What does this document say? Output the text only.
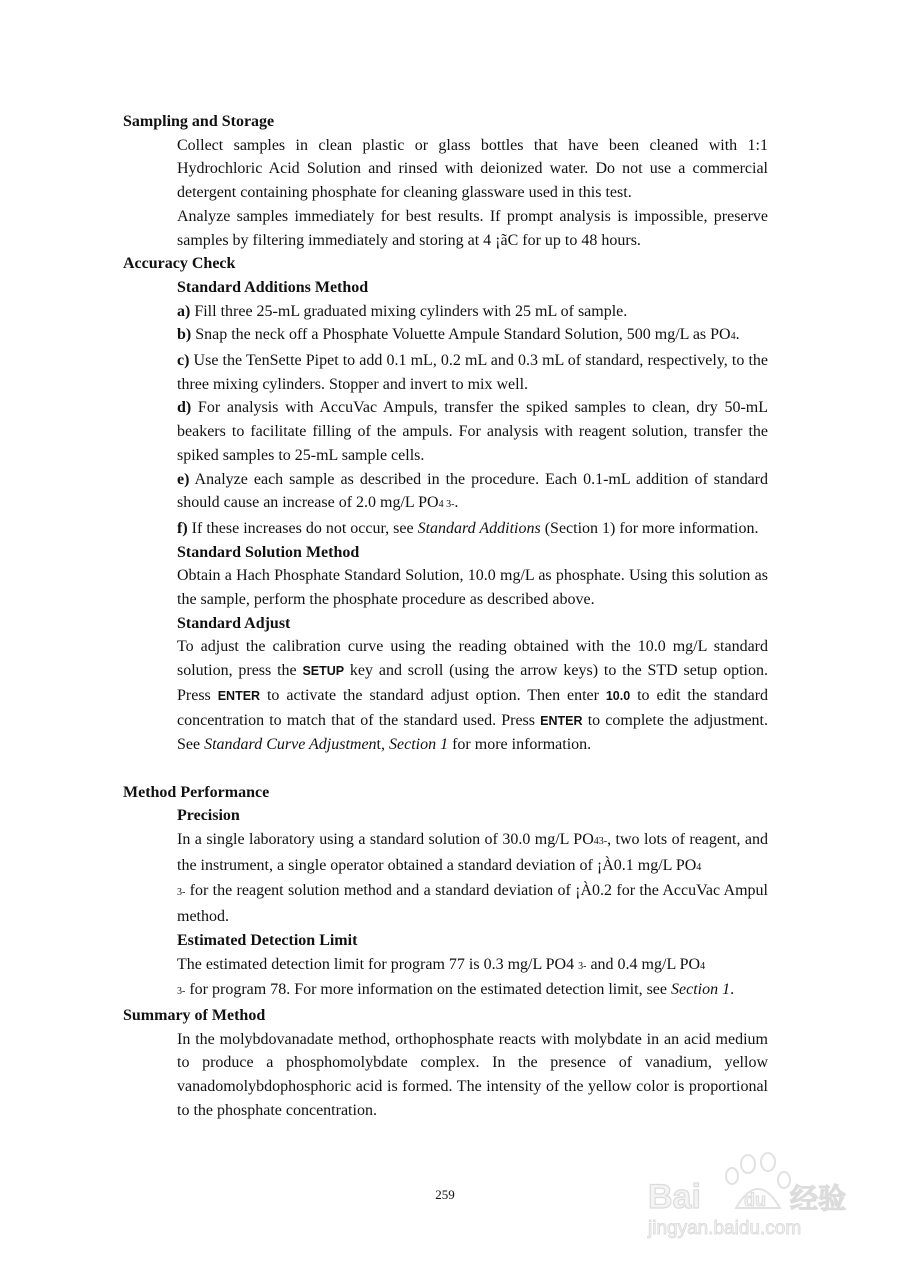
Sampling and Storage

Collect samples in clean plastic or glass bottles that have been cleaned with 1:1 Hydrochloric Acid Solution and rinsed with deionized water. Do not use a commercial detergent containing phosphate for cleaning glassware used in this test.

Analyze samples immediately for best results. If prompt analysis is impossible, preserve samples by filtering immediately and storing at 4 ¡ãC for up to 48 hours.

Accuracy Check

Standard Additions Method

a) Fill three 25-mL graduated mixing cylinders with 25 mL of sample.

b) Snap the neck off a Phosphate Voluette Ampule Standard Solution, 500 mg/L as PO4.

c) Use the TenSette Pipet to add 0.1 mL, 0.2 mL and 0.3 mL of standard, respectively, to the three mixing cylinders. Stopper and invert to mix well.

d) For analysis with AccuVac Ampuls, transfer the spiked samples to clean, dry 50-mL beakers to facilitate filling of the ampuls. For analysis with reagent solution, transfer the spiked samples to 25-mL sample cells.

e) Analyze each sample as described in the procedure. Each 0.1-mL addition of standard should cause an increase of 2.0 mg/L PO4 3-.

f) If these increases do not occur, see Standard Additions (Section 1) for more information.

Standard Solution Method

Obtain a Hach Phosphate Standard Solution, 10.0 mg/L as phosphate. Using this solution as the sample, perform the phosphate procedure as described above.

Standard Adjust

To adjust the calibration curve using the reading obtained with the 10.0 mg/L standard solution, press the SETUP key and scroll (using the arrow keys) to the STD setup option. Press ENTER to activate the standard adjust option. Then enter 10.0 to edit the standard concentration to match that of the standard used. Press ENTER to complete the adjustment. See Standard Curve Adjustment, Section 1 for more information.

Method Performance

Precision

In a single laboratory using a standard solution of 30.0 mg/L PO43-, two lots of reagent, and the instrument, a single operator obtained a standard deviation of ¡À0.1 mg/L PO4
3- for the reagent solution method and a standard deviation of ¡À0.2 for the AccuVac Ampul method.

Estimated Detection Limit

The estimated detection limit for program 77 is 0.3 mg/L PO4 3- and 0.4 mg/L PO4
3- for program 78. For more information on the estimated detection limit, see Section 1.

Summary of Method

In the molybdovanadate method, orthophosphate reacts with molybdate in an acid medium to produce a phosphomolybdate complex. In the presence of vanadium, yellow vanadomolybdophosphoric acid is formed. The intensity of the yellow color is proportional to the phosphate concentration.

259	Bai du 经验
jingyan.baidu.com
